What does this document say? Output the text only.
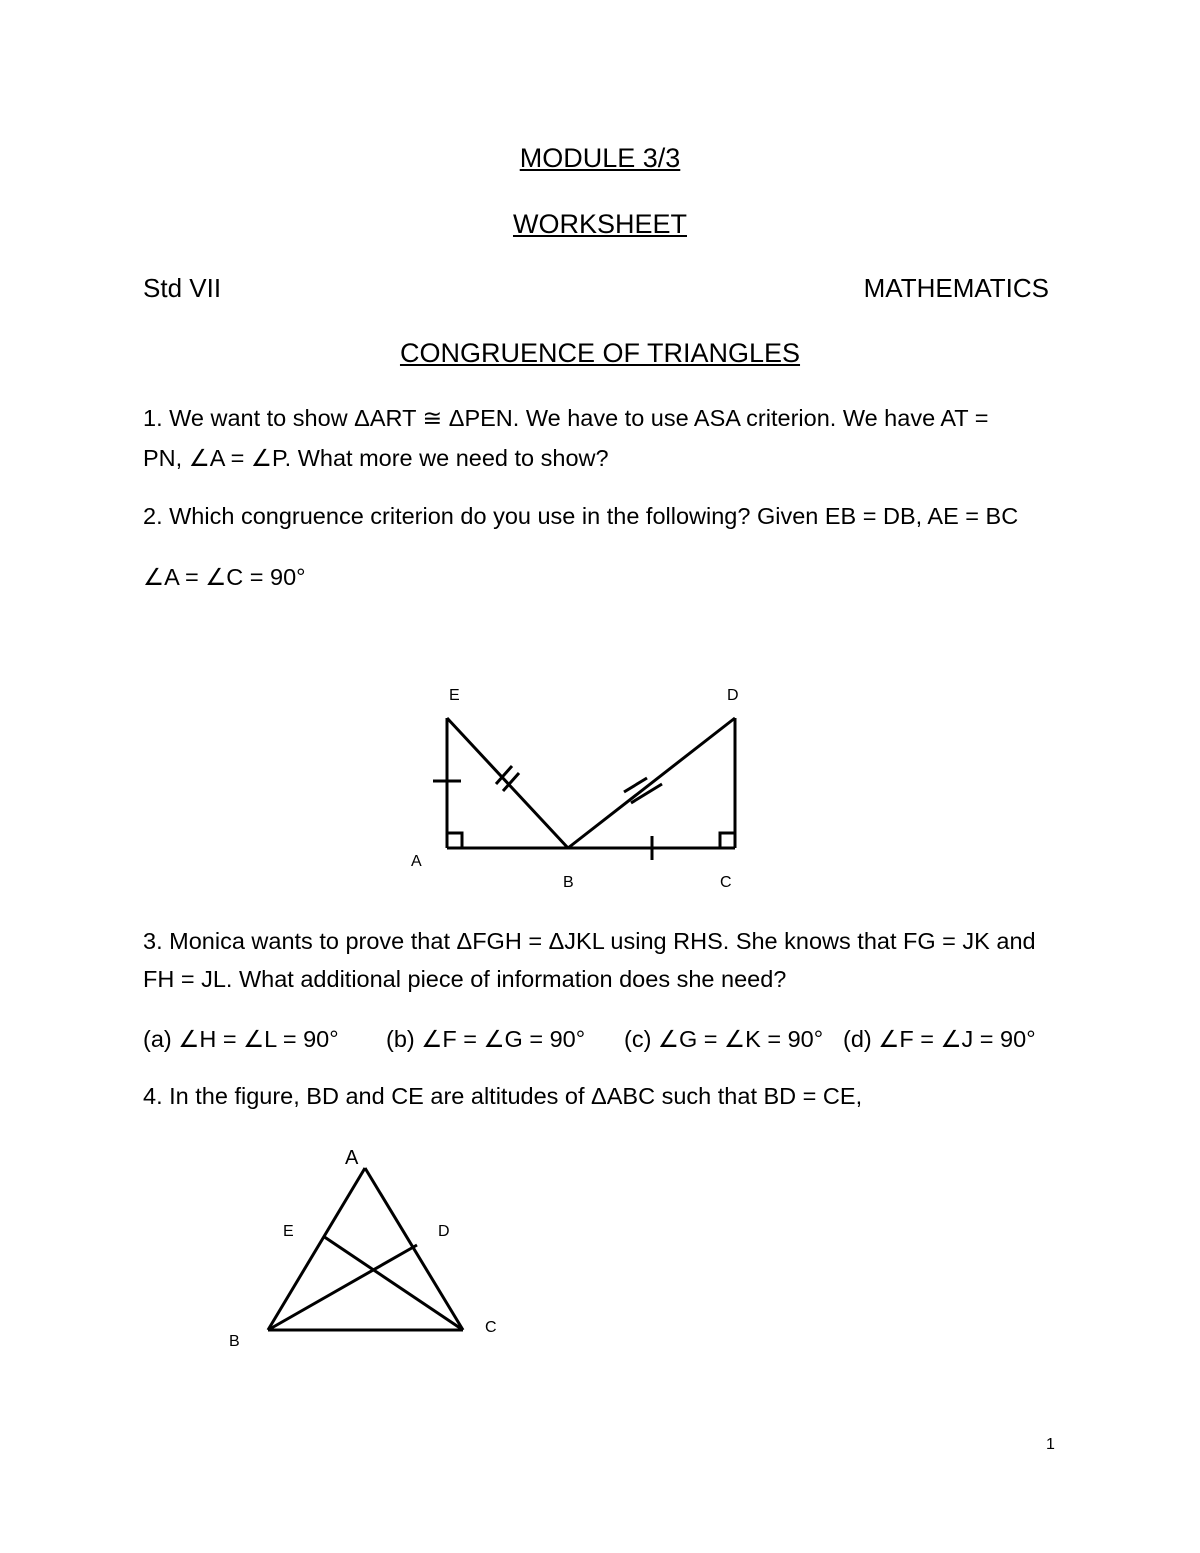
MODULE 3/3
WORKSHEET
Std VII	MATHEMATICS
CONGRUENCE OF TRIANGLES
1. We want to show ΔART ≅ ΔPEN. We have to use ASA criterion. We have AT =
PN, ∠A = ∠P. What more we need to show?
2. Which congruence criterion do you use in the following? Given EB = DB, AE = BC
∠A = ∠C = 90°
E	D
A
B	C
3. Monica wants to prove that ΔFGH = ΔJKL using RHS. She knows that FG = JK and
FH = JL. What additional piece of information does she need?
(a) ∠H = ∠L = 90° (b) ∠F = ∠G = 90° (c) ∠G = ∠K = 90° (d) ∠F = ∠J = 90°
4. In the figure, BD and CE are altitudes of ΔABC such that BD = CE,
A
E	D
B
C
1
